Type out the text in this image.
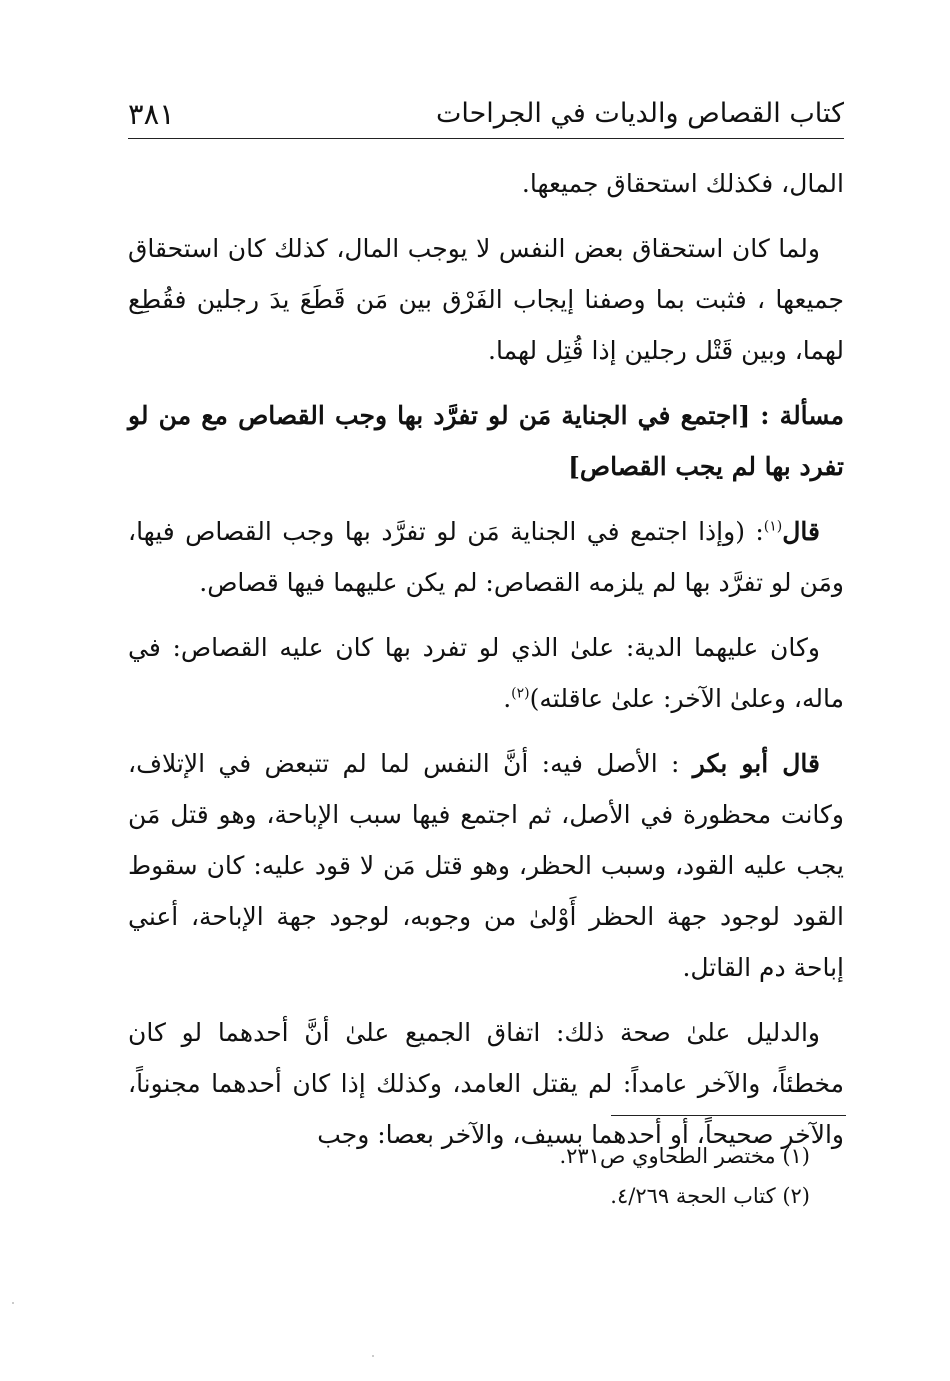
كتاب القصاص والديات في الجراحات
٣٨١

المال، فكذلك استحقاق جميعها.

ولما كان استحقاق بعض النفس لا يوجب المال، كذلك كان استحقاق جميعها ، فثبت بما وصفنا إيجاب الفَرْق بين مَن قَطَعَ يدَ رجلين فقُطِع لهما، وبين قَتْل رجلين إذا قُتِل لهما.

مسألة : [اجتمع في الجناية مَن لو تفرَّد بها وجب القصاص مع من لو تفرد بها لم يجب القصاص]

قال$^{(١)}$: (وإذا اجتمع في الجناية مَن لو تفرَّد بها وجب القصاص فيها، ومَن لو تفرَّد بها لم يلزمه القصاص: لم يكن عليهما فيها قصاص.

وكان عليهما الدية: علىٰ الذي لو تفرد بها كان عليه القصاص: في ماله، وعلىٰ الآخر: علىٰ عاقلته)$^{(٢)}$.

قال أبو بكر : الأصل فيه: أنَّ النفس لما لم تتبعض في الإتلاف، وكانت محظورة في الأصل، ثم اجتمع فيها سبب الإباحة، وهو قتل مَن يجب عليه القود، وسبب الحظر، وهو قتل مَن لا قود عليه: كان سقوط القود لوجود جهة الحظر أَوْلىٰ من وجوبه، لوجود جهة الإباحة، أعني إباحة دم القاتل.

والدليل علىٰ صحة ذلك: اتفاق الجميع علىٰ أنَّ أحدهما لو كان مخطئاً، والآخر عامداً: لم يقتل العامد، وكذلك إذا كان أحدهما مجنوناً، والآخر صحيحاً، أو أحدهما بسيف، والآخر بعصا: وجب

(١) مختصر الطحاوي ص٢٣١.
(٢) كتاب الحجة ٤/٢٦٩.
